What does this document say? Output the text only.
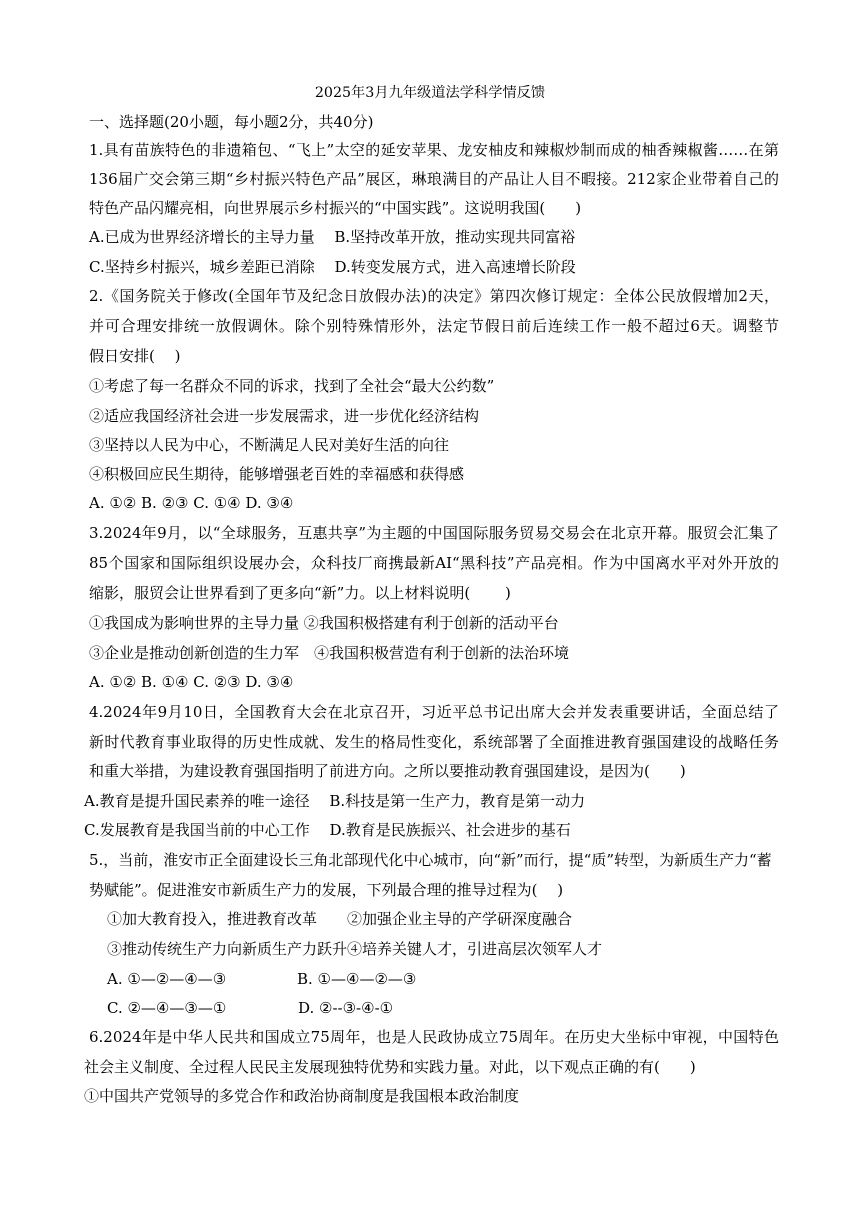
2025年3月九年级道法学科学情反馈
一、选择题(20小题，每小题2分，共40分)
1.具有苗族特色的非遗箱包、“飞上”太空的延安苹果、龙安柚皮和辣椒炒制而成的柚香辣椒酱……在第
136届广交会第三期“乡村振兴特色产品”展区，琳琅满目的产品让人目不暇接。212家企业带着自己的
特色产品闪耀亮相，向世界展示乡村振兴的“中国实践”。这说明我国(　　)
A.已成为世界经济增长的主导力量　 B.坚持改革开放，推动实现共同富裕
C.坚持乡村振兴，城乡差距已消除　 D.转变发展方式，进入高速增长阶段
2.《国务院关于修改(全国年节及纪念日放假办法)的决定》第四次修订规定：全体公民放假增加2天，
并可合理安排统一放假调休。除个别特殊情形外，法定节假日前后连续工作一般不超过6天。调整节
假日安排(　 )
①考虑了每一名群众不同的诉求，找到了全社会“最大公约数”
②适应我国经济社会进一步发展需求，进一步优化经济结构
③坚持以人民为中心，不断满足人民对美好生活的向往
④积极回应民生期待，能够增强老百姓的幸福感和获得感
A. ①② B. ②③ C. ①④ D. ③④
3.2024年9月，以“全球服务，互惠共享”为主题的中国国际服务贸易交易会在北京开幕。服贸会汇集了
85个国家和国际组织设展办会，众科技厂商携最新AI“黑科技”产品亮相。作为中国离水平对外开放的
缩影，服贸会让世界看到了更多向“新”力。以上材料说明(　　 )
①我国成为影响世界的主导力量 ②我国积极搭建有利于创新的活动平台
③企业是推动创新创造的生力军　④我国积极营造有利于创新的法治环境
A. ①② B. ①④ C. ②③ D. ③④
4.2024年9月10日，全国教育大会在北京召开，习近平总书记出席大会并发表重要讲话，全面总结了
新时代教育事业取得的历史性成就、发生的格局性变化，系统部署了全面推进教育强国建设的战略任务
和重大举措，为建设教育强国指明了前进方向。之所以要推动教育强国建设，是因为(　　)
A.教育是提升国民素养的唯一途径　 B.科技是第一生产力，教育是第一动力
C.发展教育是我国当前的中心工作　 D.教育是民族振兴、社会进步的基石
5.，当前，淮安市正全面建设长三角北部现代化中心城市，向“新”而行，提“质”转型，为新质生产力“蓄
势赋能”。促进淮安市新质生产力的发展，下列最合理的推导过程为(　 )
①加大教育投入，推进教育改革　　②加强企业主导的产学研深度融合
③推动传统生产力向新质生产力跃升④培养关键人才，引进高层次领军人才
A. ①—②—④—③	B. ①—④—②—③
C. ②—④—③—①	D. ②--③-④-①
6.2024年是中华人民共和国成立75周年，也是人民政协成立75周年。在历史大坐标中审视，中国特色
社会主义制度、全过程人民民主发展现独特优势和实践力量。对此，以下观点正确的有(　　)
①中国共产党领导的多党合作和政治协商制度是我国根本政治制度
